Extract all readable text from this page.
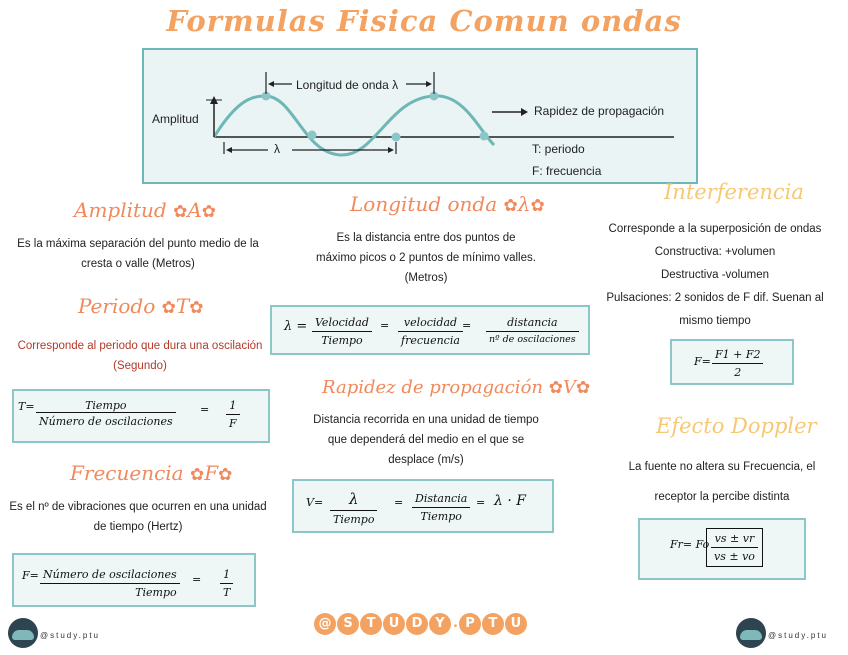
Formulas Fisica Comun ondas
Longitud de onda λ
Amplitud
λ
Rapidez de propagación
T: periodo
F: frecuencia
Amplitud ✿A✿
Es la máxima separación del punto medio de la
cresta o valle (Metros)
Periodo ✿T✿
Corresponde al periodo que dura una oscilación
(Segundo)
$T= \frac{\text{Tiempo}}{\text{Número de oscilaciones}} = \frac{1}{F}$
Frecuencia ✿F✿
Es el nº de vibraciones que ocurren en una unidad
de tiempo (Hertz)
$F= \frac{\text{Número de oscilaciones}}{\text{Tiempo}} = \frac{1}{T}$
Longitud onda ✿λ✿
Es la distancia entre dos puntos de
máximo picos o 2 puntos de mínimo valles.
(Metros)
$\lambda = \frac{\text{Velocidad}}{\text{Tiempo}} = \frac{\text{velocidad}}{\text{frecuencia}} = \frac{\text{distancia}}{\text{nº de oscilaciones}}$
Rapidez de propagación ✿V✿
Distancia recorrida en una unidad de tiempo
que dependerá del medio en el que se
desplace (m/s)
$V= \frac{\lambda}{\text{Tiempo}} = \frac{\text{Distancia}}{\text{Tiempo}} = \lambda \cdot F$
Interferencia
Corresponde a la superposición de ondas
Constructiva: +volumen
Destructiva -volumen
Pulsaciones: 2 sonidos de F dif. Suenan al
mismo tiempo
$F= \frac{F1 + F2}{2}$
Efecto Doppler
La fuente no altera su Frecuencia, el
receptor la percibe distinta
Fr= Fo $\frac{vs \pm vr}{vs \pm vo}$
@ S T U D Y . P T U
@study.ptu	@study.ptu
